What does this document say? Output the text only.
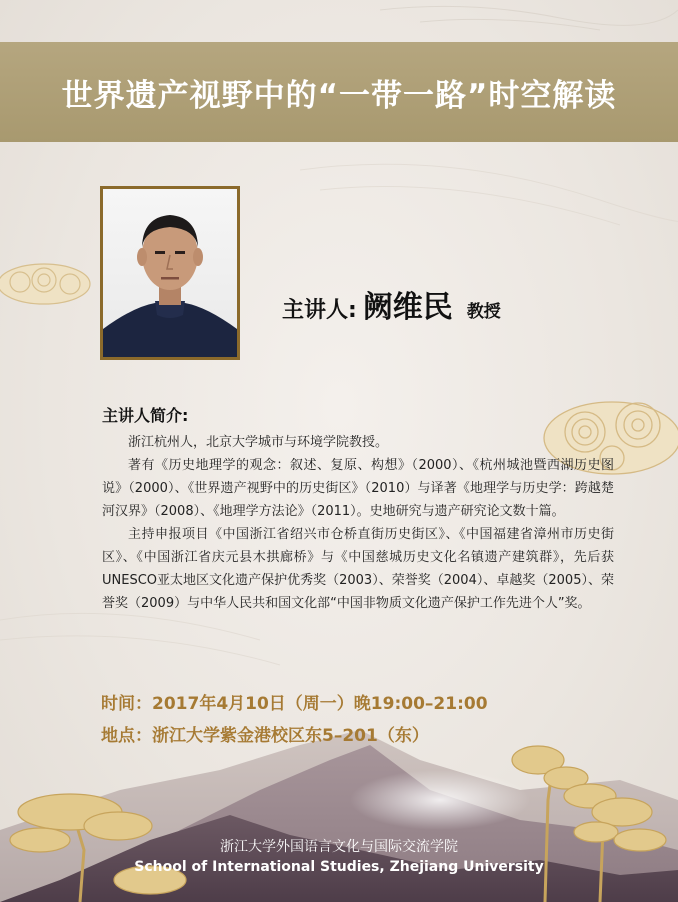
世界遗产视野中的“一带一路”时空解读
主讲人: 阙维民 教授
主讲人简介:

浙江杭州人，北京大学城市与环境学院教授。

著有《历史地理学的观念：叙述、复原、构想》（2000）、《杭州城池暨西湖历史图说》（2000）、《世界遗产视野中的历史街区》（2010）与译著《地理学与历史学：跨越楚河汉界》（2008）、《地理学方法论》（2011）。史地研究与遗产研究论文数十篇。

主持申报项目《中国浙江省绍兴市仓桥直街历史街区》、《中国福建省漳州市历史街区》、《中国浙江省庆元县木拱廊桥》与《中国慈城历史文化名镇遗产建筑群》，先后获UNESCO亚太地区文化遗产保护优秀奖（2003）、荣誉奖（2004）、卓越奖（2005）、荣誉奖（2009）与中华人民共和国文化部“中国非物质文化遗产保护工作先进个人”奖。

时间：2017年4月10日（周一）晚19:00–21:00
地点：浙江大学紫金港校区东5–201（东）
浙江大学外国语言文化与国际交流学院
School of International Studies, Zhejiang University
